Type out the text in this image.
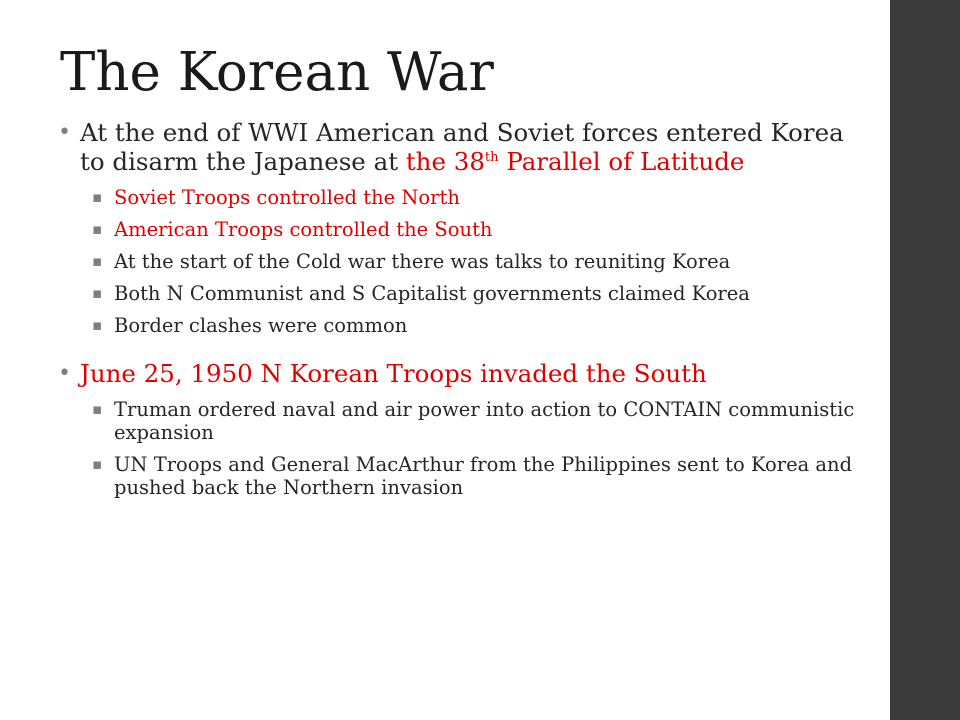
The Korean War
• At the end of WWI American and Soviet forces entered Korea to disarm the Japanese at the 38th Parallel of Latitude
▪ Soviet Troops controlled the North
▪ American Troops controlled the South
▪ At the start of the Cold war there was talks to reuniting Korea
▪ Both N Communist and S Capitalist governments claimed Korea
▪ Border clashes were common
• June 25, 1950 N Korean Troops invaded the South
▪ Truman ordered naval and air power into action to CONTAIN communistic expansion
▪ UN Troops and General MacArthur from the Philippines sent to Korea and pushed back the Northern invasion
